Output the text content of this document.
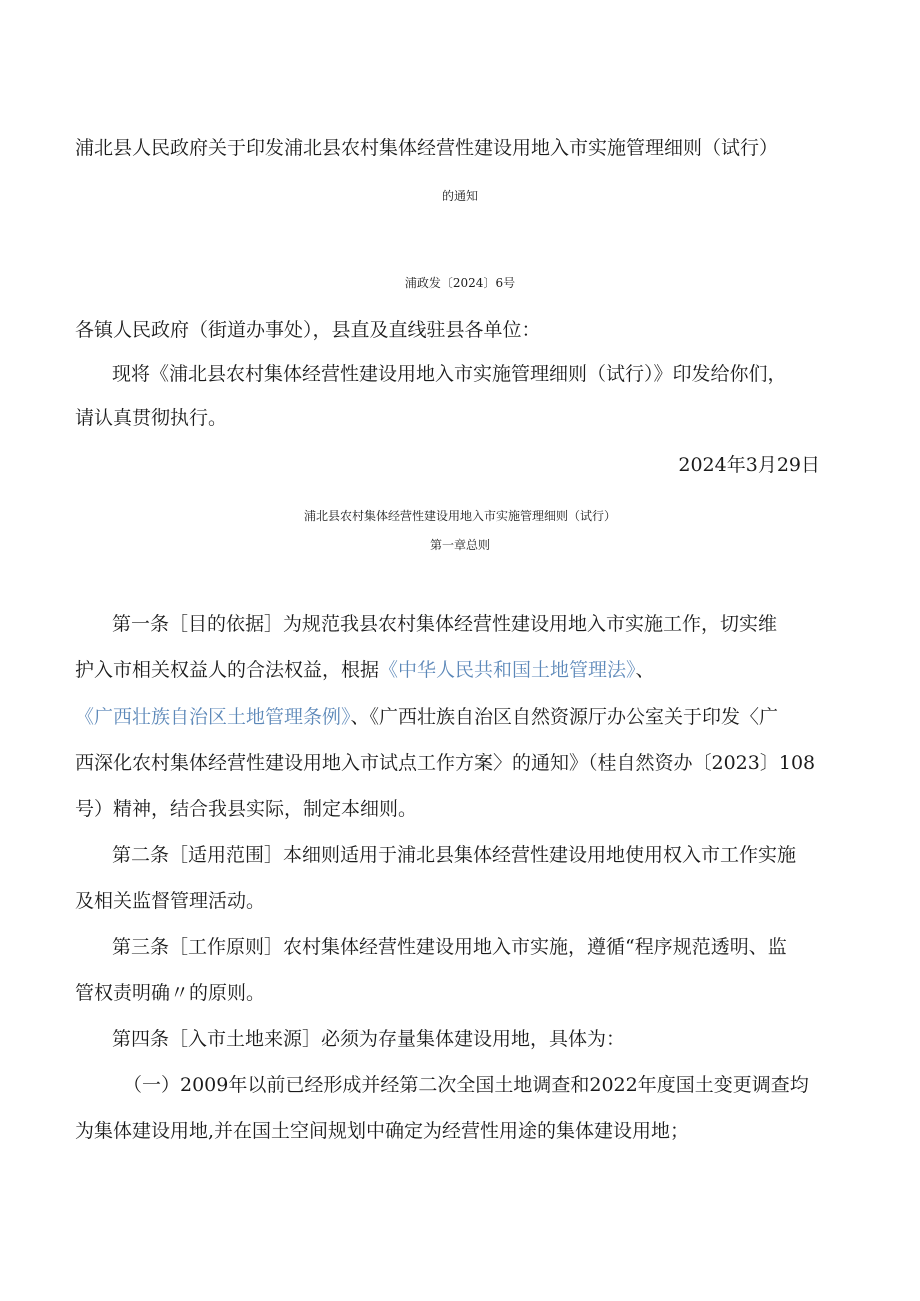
浦北县人民政府关于印发浦北县农村集体经营性建设用地入市实施管理细则（试行）
的通知
浦政发〔2024〕6号
各镇人民政府（街道办事处），县直及直线驻县各单位：
现将《浦北县农村集体经营性建设用地入市实施管理细则（试行）》印发给你们，
请认真贯彻执行。
2024年3月29日
浦北县农村集体经营性建设用地入市实施管理细则（试行）
第一章总则
第一条［目的依据］为规范我县农村集体经营性建设用地入市实施工作，切实维
护入市相关权益人的合法权益，根据《中华人民共和国土地管理法》、
《广西壮族自治区土地管理条例》、《广西壮族自治区自然资源厅办公室关于印发〈广
西深化农村集体经营性建设用地入市试点工作方案〉的通知》（桂自然资办〔2023〕108
号）精神，结合我县实际，制定本细则。
第二条［适用范围］本细则适用于浦北县集体经营性建设用地使用权入市工作实施
及相关监督管理活动。
第三条［工作原则］农村集体经营性建设用地入市实施，遵循“程序规范透明、监
管权责明确〃的原则。
第四条［入市土地来源］必须为存量集体建设用地，具体为：
（一）2009年以前已经形成并经第二次全国土地调查和2022年度国土变更调查均
为集体建设用地,并在国土空间规划中确定为经营性用途的集体建设用地；
